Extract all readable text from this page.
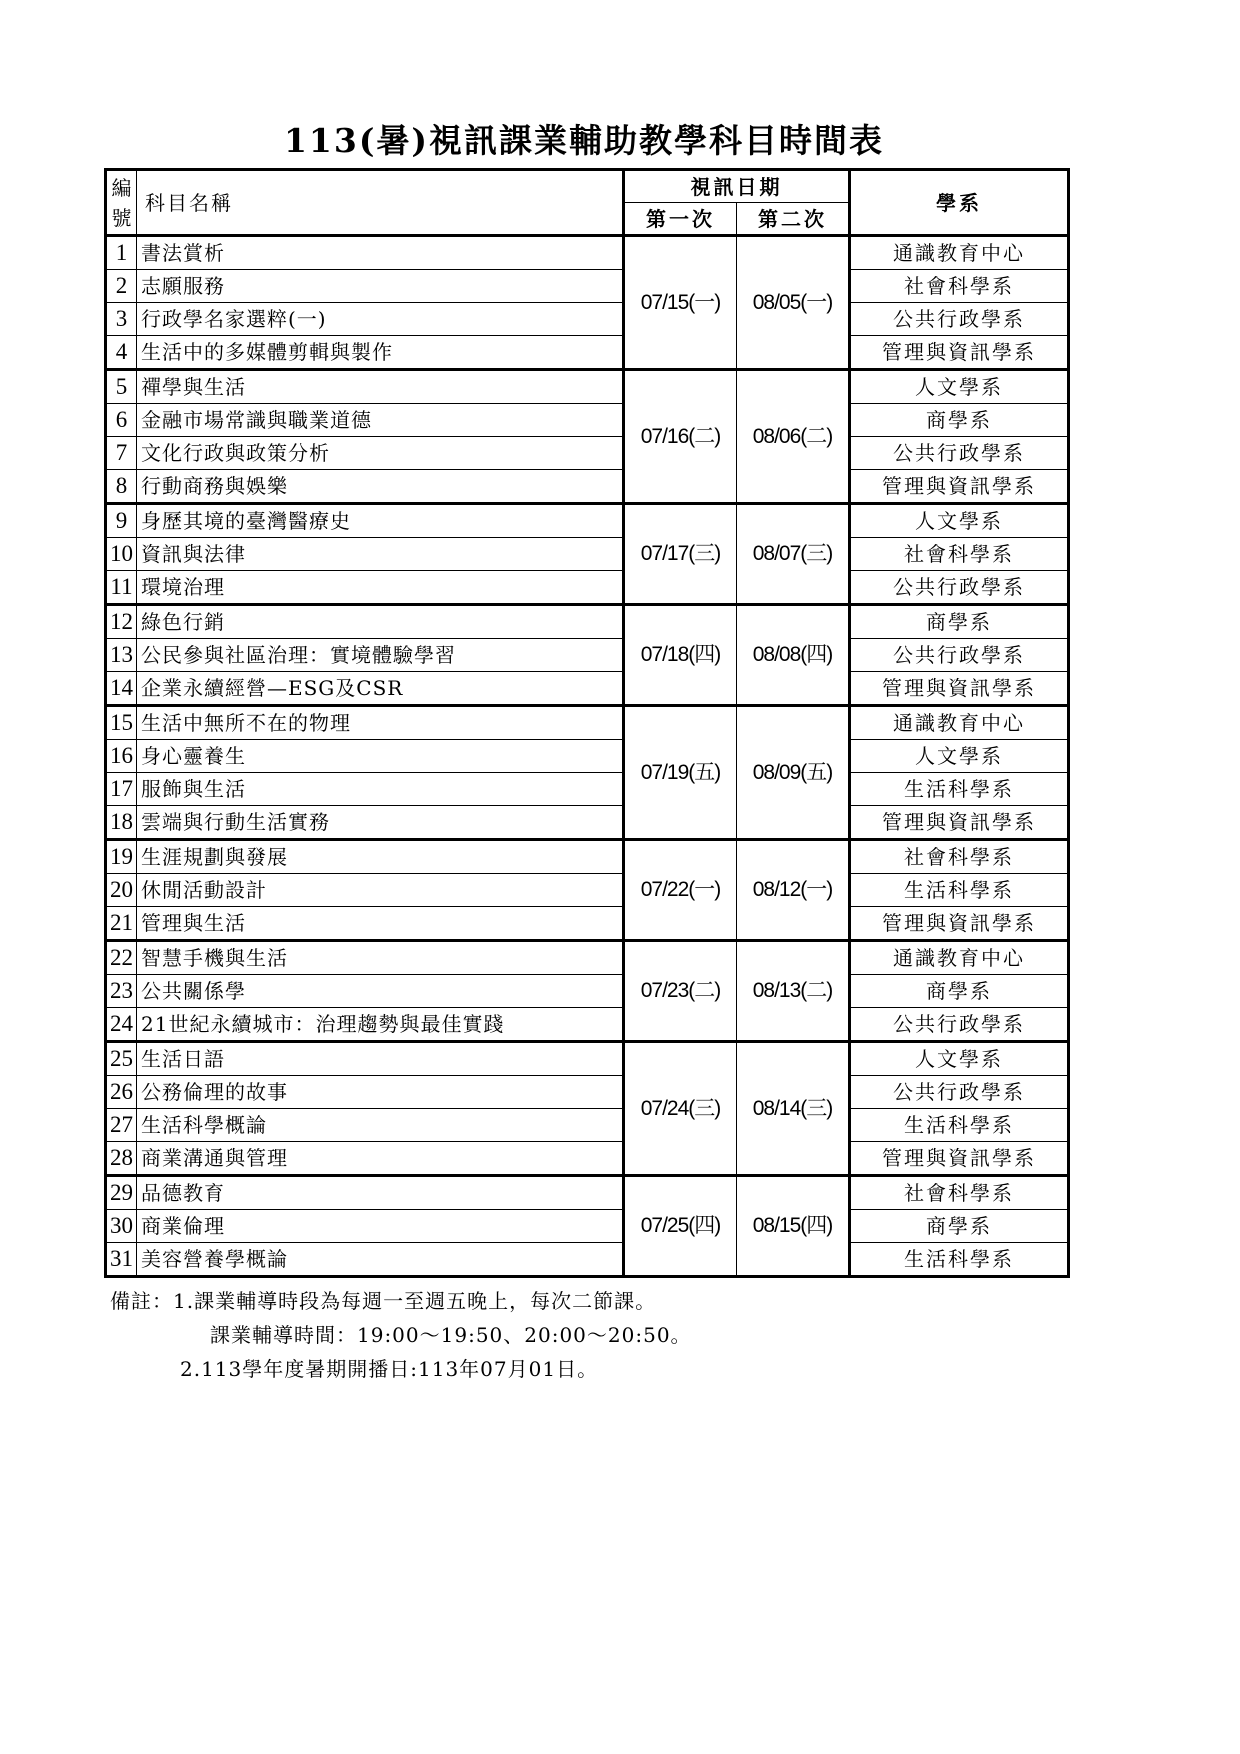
113(暑)視訊課業輔助教學科目時間表
編
號	科目名稱	視訊日期		學系
		第一次	第二次	
1	書法賞析	07/15(一)	08/05(一)	通識教育中心
2	志願服務			社會科學系
3	行政學名家選粹(一)			公共行政學系
4	生活中的多媒體剪輯與製作			管理與資訊學系
5	禪學與生活	07/16(二)	08/06(二)	人文學系
6	金融市場常識與職業道德			商學系
7	文化行政與政策分析			公共行政學系
8	行動商務與娛樂			管理與資訊學系
9	身歷其境的臺灣醫療史	07/17(三)	08/07(三)	人文學系
10	資訊與法律			社會科學系
11	環境治理			公共行政學系
12	綠色行銷	07/18(四)	08/08(四)	商學系
13	公民參與社區治理：實境體驗學習			公共行政學系
14	企業永續經營—ESG及CSR			管理與資訊學系
15	生活中無所不在的物理	07/19(五)	08/09(五)	通識教育中心
16	身心靈養生			人文學系
17	服飾與生活			生活科學系
18	雲端與行動生活實務			管理與資訊學系
19	生涯規劃與發展	07/22(一)	08/12(一)	社會科學系
20	休閒活動設計			生活科學系
21	管理與生活			管理與資訊學系
22	智慧手機與生活	07/23(二)	08/13(二)	通識教育中心
23	公共關係學			商學系
24	21世紀永續城市：治理趨勢與最佳實踐			公共行政學系
25	生活日語	07/24(三)	08/14(三)	人文學系
26	公務倫理的故事			公共行政學系
27	生活科學概論			生活科學系
28	商業溝通與管理			管理與資訊學系
29	品德教育	07/25(四)	08/15(四)	社會科學系
30	商業倫理			商學系
31	美容營養學概論			生活科學系
備註：1.課業輔導時段為每週一至週五晚上，每次二節課。
課業輔導時間：19:00～19:50、20:00～20:50。
2.113學年度暑期開播日:113年07月01日。
